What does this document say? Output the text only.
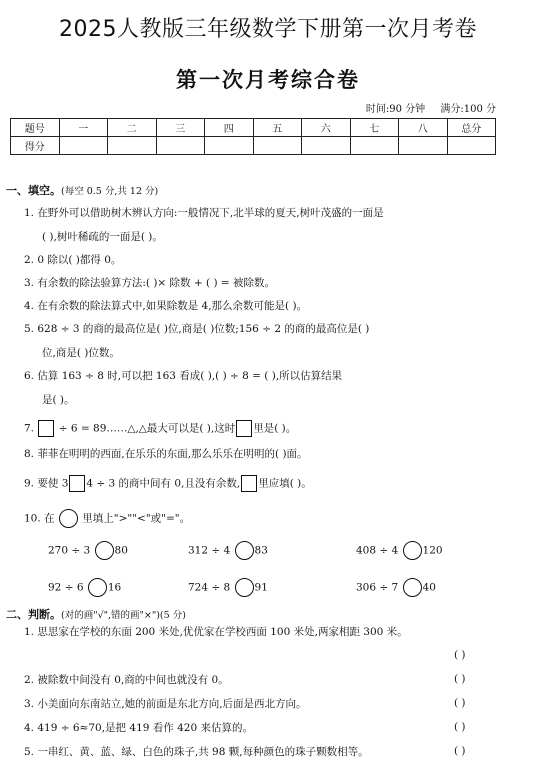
2025人教版三年级数学下册第一次月考卷
第一次月考综合卷
时间:90 分钟 满分:100 分
题号	一	二	三	四	五	六	七	八	总分
得分									
一、填空。(每空 0.5 分,共 12 分)
1. 在野外可以借助树木辨认方向:一般情况下,北半球的夏天,树叶茂盛的一面是
( ),树叶稀疏的一面是( )。
2. 0 除以( )都得 0。
3. 有余数的除法验算方法:( )× 除数 + ( ) = 被除数。
4. 在有余数的除法算式中,如果除数是 4,那么余数可能是( )。
5. 628 ÷ 3 的商的最高位是( )位,商是( )位数;156 ÷ 2 的商的最高位是( )
位,商是( )位数。
6. 估算 163 ÷ 8 时,可以把 163 看成( ),( ) ÷ 8 = ( ),所以估算结果
是( )。
7. ÷ 6 = 89……△,△最大可以是( ),这时 里是( )。
8. 菲菲在明明的西面,在乐乐的东面,那么乐乐在明明的( )面。
9. 要使 3 4 ÷ 3 的商中间有 0,且没有余数, 里应填( )。
10. 在	里填上">""<"或"="。
270 ÷ 3 80	312 ÷ 4 83	408 ÷ 4 120
92 ÷ 6 16	724 ÷ 8 91	306 ÷ 7 40
二、判断。(对的画"√",错的画"×")(5 分)
1. 思思家在学校的东面 200 米处,优优家在学校西面 100 米处,两家相距 300 米。
( )
2. 被除数中间没有 0,商的中间也就没有 0。	( )
3. 小美面向东南站立,她的前面是东北方向,后面是西北方向。	( )
4. 419 ÷ 6≈70,是把 419 看作 420 来估算的。	( )
5. 一串红、黄、蓝、绿、白色的珠子,共 98 颗,每种颜色的珠子颗数相等。	( )
